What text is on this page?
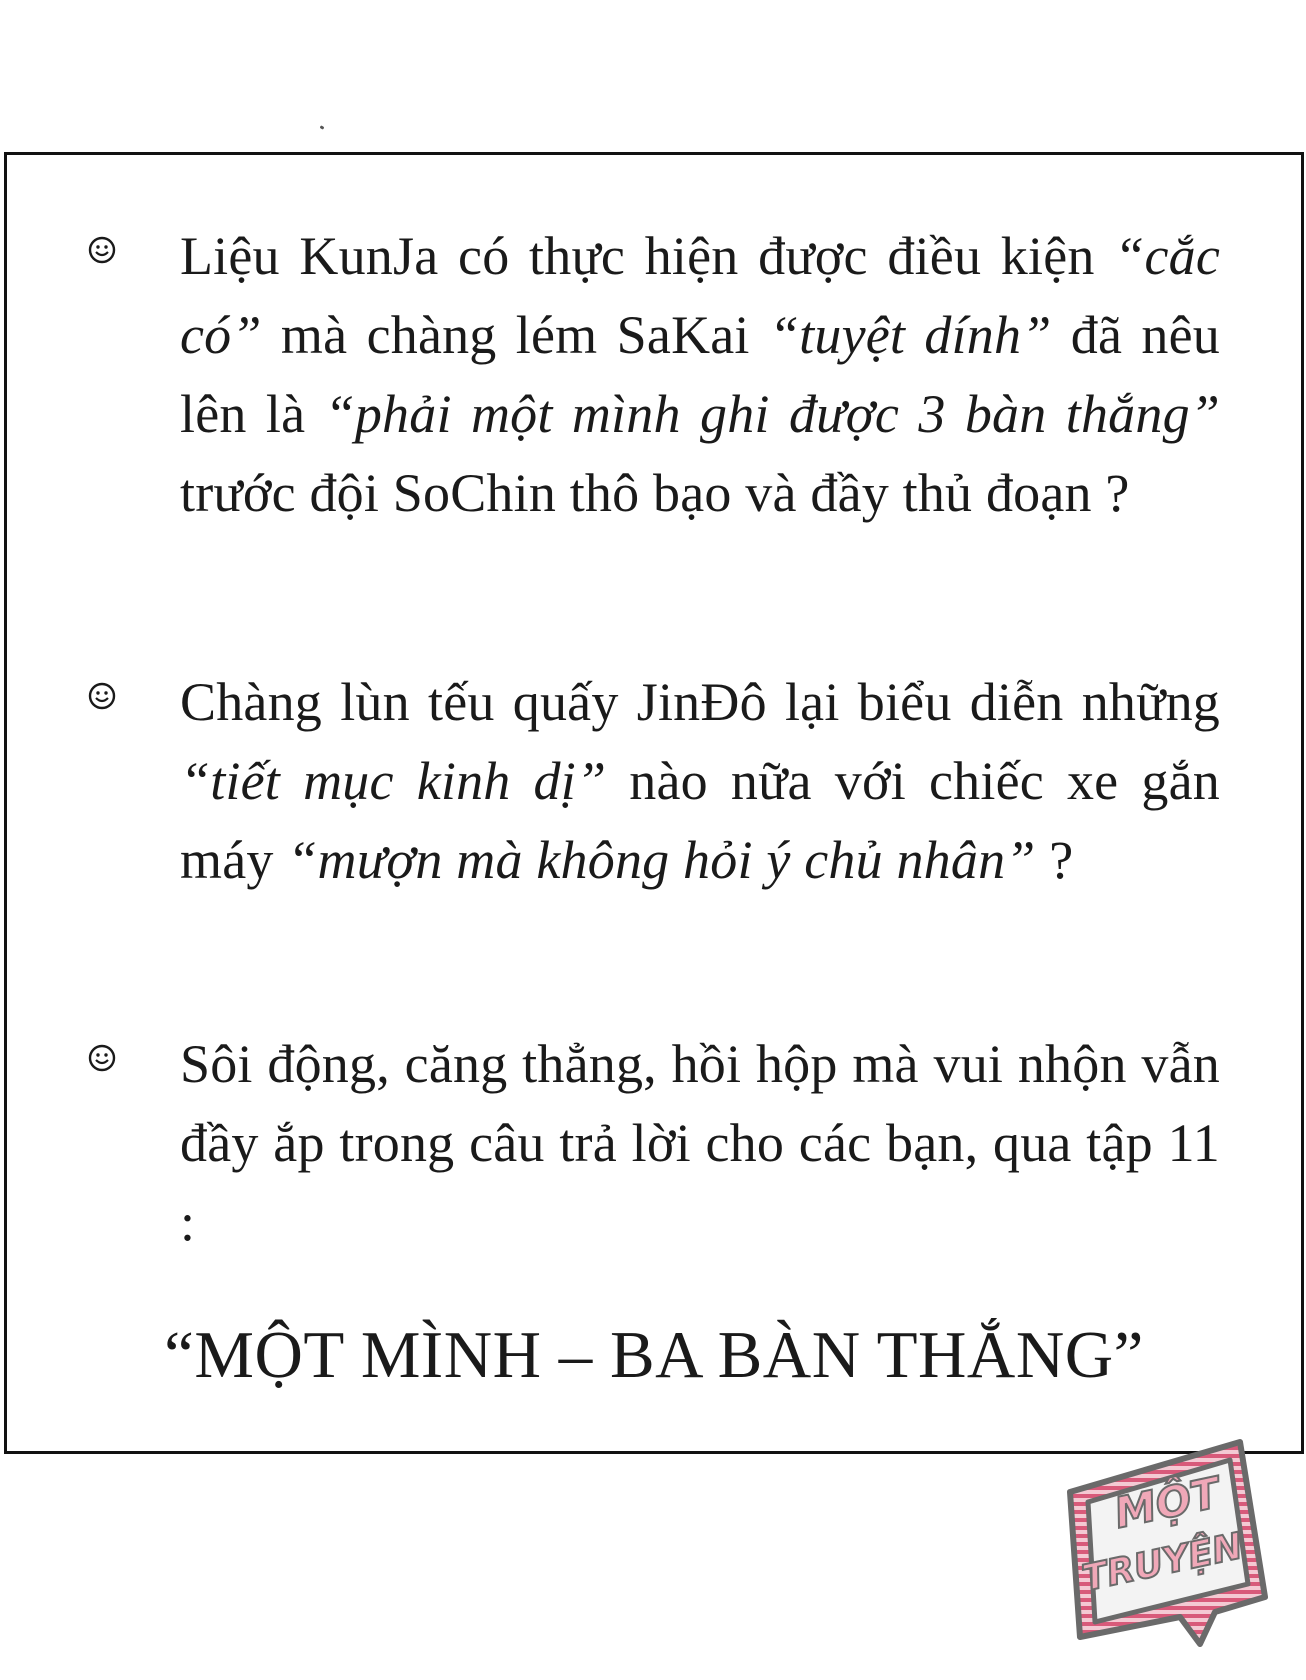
Liệu KunJa có thực hiện được điều kiện “cắc có” mà chàng lém SaKai “tuyệt dính” đã nêu lên là “phải một mình ghi được 3 bàn thắng” trước đội SoChin thô bạo và đầy thủ đoạn ?
Chàng lùn tếu quấy JinĐô lại biểu diễn những “tiết mục kinh dị” nào nữa với chiếc xe gắn máy “mượn mà không hỏi ý chủ nhân” ?
Sôi động, căng thẳng, hồi hộp mà vui nhộn vẫn đầy ắp trong câu trả lời cho các bạn, qua tập 11 :
“MỘT MÌNH – BA BÀN THẮNG”
MỘT
TRUYỆN
